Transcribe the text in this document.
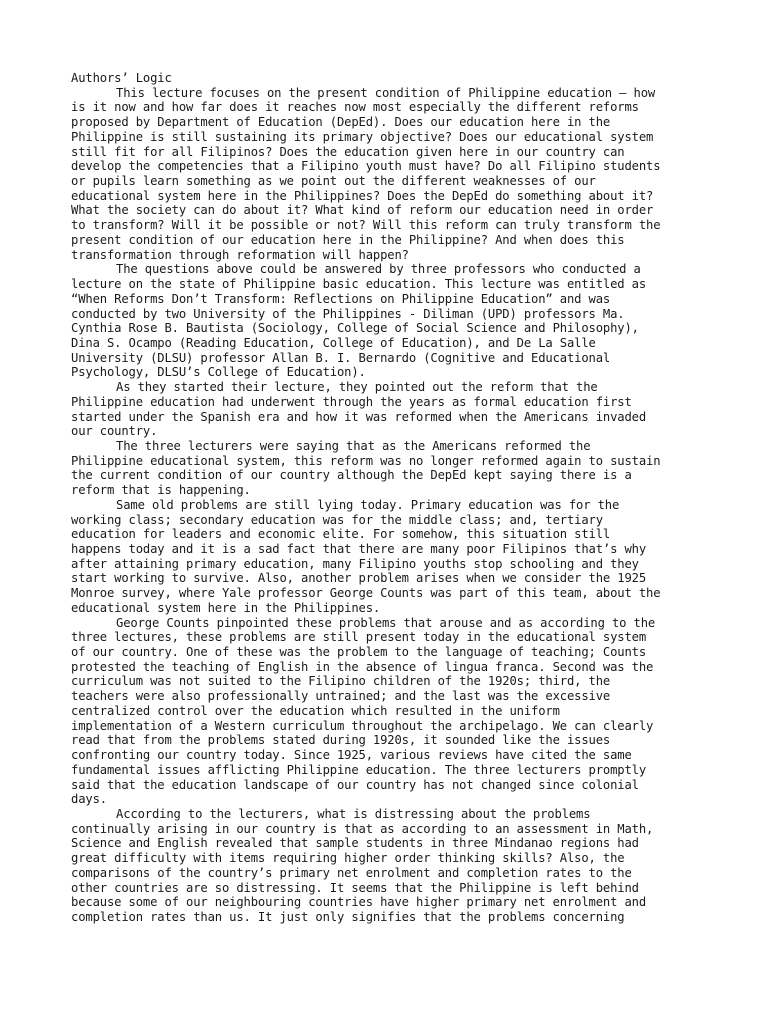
Authors’ Logic

This lecture focuses on the present condition of Philippine education – how
is it now and how far does it reaches now most especially the different reforms
proposed by Department of Education (DepEd). Does our education here in the
Philippine is still sustaining its primary objective? Does our educational system
still fit for all Filipinos? Does the education given here in our country can
develop the competencies that a Filipino youth must have? Do all Filipino students
or pupils learn something as we point out the different weaknesses of our
educational system here in the Philippines? Does the DepEd do something about it?
What the society can do about it? What kind of reform our education need in order
to transform? Will it be possible or not? Will this reform can truly transform the
present condition of our education here in the Philippine? And when does this
transformation through reformation will happen?

The questions above could be answered by three professors who conducted a
lecture on the state of Philippine basic education. This lecture was entitled as
“When Reforms Don’t Transform: Reflections on Philippine Education” and was
conducted by two University of the Philippines - Diliman (UPD) professors Ma.
Cynthia Rose B. Bautista (Sociology, College of Social Science and Philosophy),
Dina S. Ocampo (Reading Education, College of Education), and De La Salle
University (DLSU) professor Allan B. I. Bernardo (Cognitive and Educational
Psychology, DLSU’s College of Education).

As they started their lecture, they pointed out the reform that the
Philippine education had underwent through the years as formal education first
started under the Spanish era and how it was reformed when the Americans invaded
our country.

The three lecturers were saying that as the Americans reformed the
Philippine educational system, this reform was no longer reformed again to sustain
the current condition of our country although the DepEd kept saying there is a
reform that is happening.

Same old problems are still lying today. Primary education was for the
working class; secondary education was for the middle class; and, tertiary
education for leaders and economic elite. For somehow, this situation still
happens today and it is a sad fact that there are many poor Filipinos that’s why
after attaining primary education, many Filipino youths stop schooling and they
start working to survive. Also, another problem arises when we consider the 1925
Monroe survey, where Yale professor George Counts was part of this team, about the
educational system here in the Philippines.

George Counts pinpointed these problems that arouse and as according to the
three lectures, these problems are still present today in the educational system
of our country. One of these was the problem to the language of teaching; Counts
protested the teaching of English in the absence of lingua franca. Second was the
curriculum was not suited to the Filipino children of the 1920s; third, the
teachers were also professionally untrained; and the last was the excessive
centralized control over the education which resulted in the uniform
implementation of a Western curriculum throughout the archipelago. We can clearly
read that from the problems stated during 1920s, it sounded like the issues
confronting our country today. Since 1925, various reviews have cited the same
fundamental issues afflicting Philippine education. The three lecturers promptly
said that the education landscape of our country has not changed since colonial
days.

According to the lecturers, what is distressing about the problems
continually arising in our country is that as according to an assessment in Math,
Science and English revealed that sample students in three Mindanao regions had
great difficulty with items requiring higher order thinking skills? Also, the
comparisons of the country’s primary net enrolment and completion rates to the
other countries are so distressing. It seems that the Philippine is left behind
because some of our neighbouring countries have higher primary net enrolment and
completion rates than us. It just only signifies that the problems concerning
